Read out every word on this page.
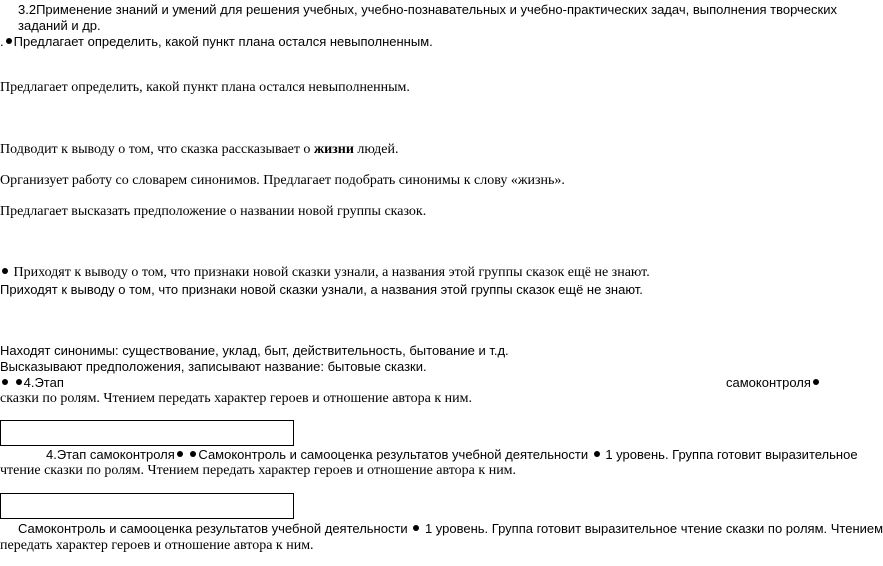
3.2Применение знаний и умений для решения учебных, учебно-познавательных и учебно-практических задач, выполнения творческих
заданий и др.
. Предлагает определить, какой пункт плана остался невыполненным.
Предлагает определить, какой пункт плана остался невыполненным.
Подводит к выводу о том, что сказка рассказывает о жизни людей.
Организует работу со словарем синонимов. Предлагает подобрать синонимы к слову «жизнь».
Предлагает высказать предположение о названии новой группы сказок.
Приходят к выводу о том, что признаки новой сказки узнали, а названия этой группы сказок ещё не знают.
Приходят к выводу о том, что признаки новой сказки узнали, а названия этой группы сказок ещё не знают.
Находят синонимы: существование, уклад, быт, действительность, бытование и т.д.
Высказывают предположения, записывают название: бытовые сказки.
4.Этап	самоконтроля
сказки по ролям. Чтением передать характер героев и отношение автора к ним.
4.Этап самоконтроля Самоконтроль и самооценка результатов учебной деятельности 1 уровень. Группа готовит выразительное
чтение сказки по ролям. Чтением передать характер героев и отношение автора к ним.
Самоконтроль и самооценка результатов учебной деятельности 1 уровень. Группа готовит выразительное чтение сказки по ролям. Чтением
передать характер героев и отношение автора к ним.
